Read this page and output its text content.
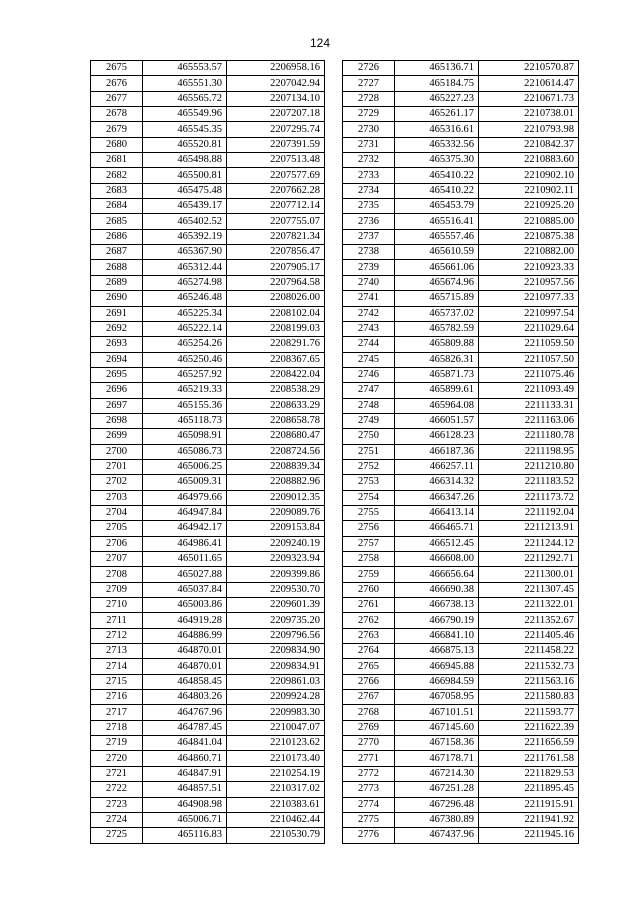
124
2675	465553.57	2206958.16
2676	465551.30	2207042.94
2677	465565.72	2207134.10
2678	465549.96	2207207.18
2679	465545.35	2207295.74
2680	465520.81	2207391.59
2681	465498.88	2207513.48
2682	465500.81	2207577.69
2683	465475.48	2207662.28
2684	465439.17	2207712.14
2685	465402.52	2207755.07
2686	465392.19	2207821.34
2687	465367.90	2207856.47
2688	465312.44	2207905.17
2689	465274.98	2207964.58
2690	465246.48	2208026.00
2691	465225.34	2208102.04
2692	465222.14	2208199.03
2693	465254.26	2208291.76
2694	465250.46	2208367.65
2695	465257.92	2208422.04
2696	465219.33	2208538.29
2697	465155.36	2208633.29
2698	465118.73	2208658.78
2699	465098.91	2208680.47
2700	465086.73	2208724.56
2701	465006.25	2208839.34
2702	465009.31	2208882.96
2703	464979.66	2209012.35
2704	464947.84	2209089.76
2705	464942.17	2209153.84
2706	464986.41	2209240.19
2707	465011.65	2209323.94
2708	465027.88	2209399.86
2709	465037.84	2209530.70
2710	465003.86	2209601.39
2711	464919.28	2209735.20
2712	464886.99	2209796.56
2713	464870.01	2209834.90
2714	464870.01	2209834.91
2715	464858.45	2209861.03
2716	464803.26	2209924.28
2717	464767.96	2209983.30
2718	464787.45	2210047.07
2719	464841.04	2210123.62
2720	464860.71	2210173.40
2721	464847.91	2210254.19
2722	464857.51	2210317.02
2723	464908.98	2210383.61
2724	465006.71	2210462.44
2725	465116.83	2210530.79
2726	465136.71	2210570.87
2727	465184.75	2210614.47
2728	465227.23	2210671.73
2729	465261.17	2210738.01
2730	465316.61	2210793.98
2731	465332.56	2210842.37
2732	465375.30	2210883.60
2733	465410.22	2210902.10
2734	465410.22	2210902.11
2735	465453.79	2210925.20
2736	465516.41	2210885.00
2737	465557.46	2210875.38
2738	465610.59	2210882.00
2739	465661.06	2210923.33
2740	465674.96	2210957.56
2741	465715.89	2210977.33
2742	465737.02	2210997.54
2743	465782.59	2211029.64
2744	465809.88	2211059.50
2745	465826.31	2211057.50
2746	465871.73	2211075.46
2747	465899.61	2211093.49
2748	465964.08	2211133.31
2749	466051.57	2211163.06
2750	466128.23	2211180.78
2751	466187.36	2211198.95
2752	466257.11	2211210.80
2753	466314.32	2211183.52
2754	466347.26	2211173.72
2755	466413.14	2211192.04
2756	466465.71	2211213.91
2757	466512.45	2211244.12
2758	466608.00	2211292.71
2759	466656.64	2211300.01
2760	466690.38	2211307.45
2761	466738.13	2211322.01
2762	466790.19	2211352.67
2763	466841.10	2211405.46
2764	466875.13	2211458.22
2765	466945.88	2211532.73
2766	466984.59	2211563.16
2767	467058.95	2211580.83
2768	467101.51	2211593.77
2769	467145.60	2211622.39
2770	467158.36	2211656.59
2771	467178.71	2211761.58
2772	467214.30	2211829.53
2773	467251.28	2211895.45
2774	467296.48	2211915.91
2775	467380.89	2211941.92
2776	467437.96	2211945.16
